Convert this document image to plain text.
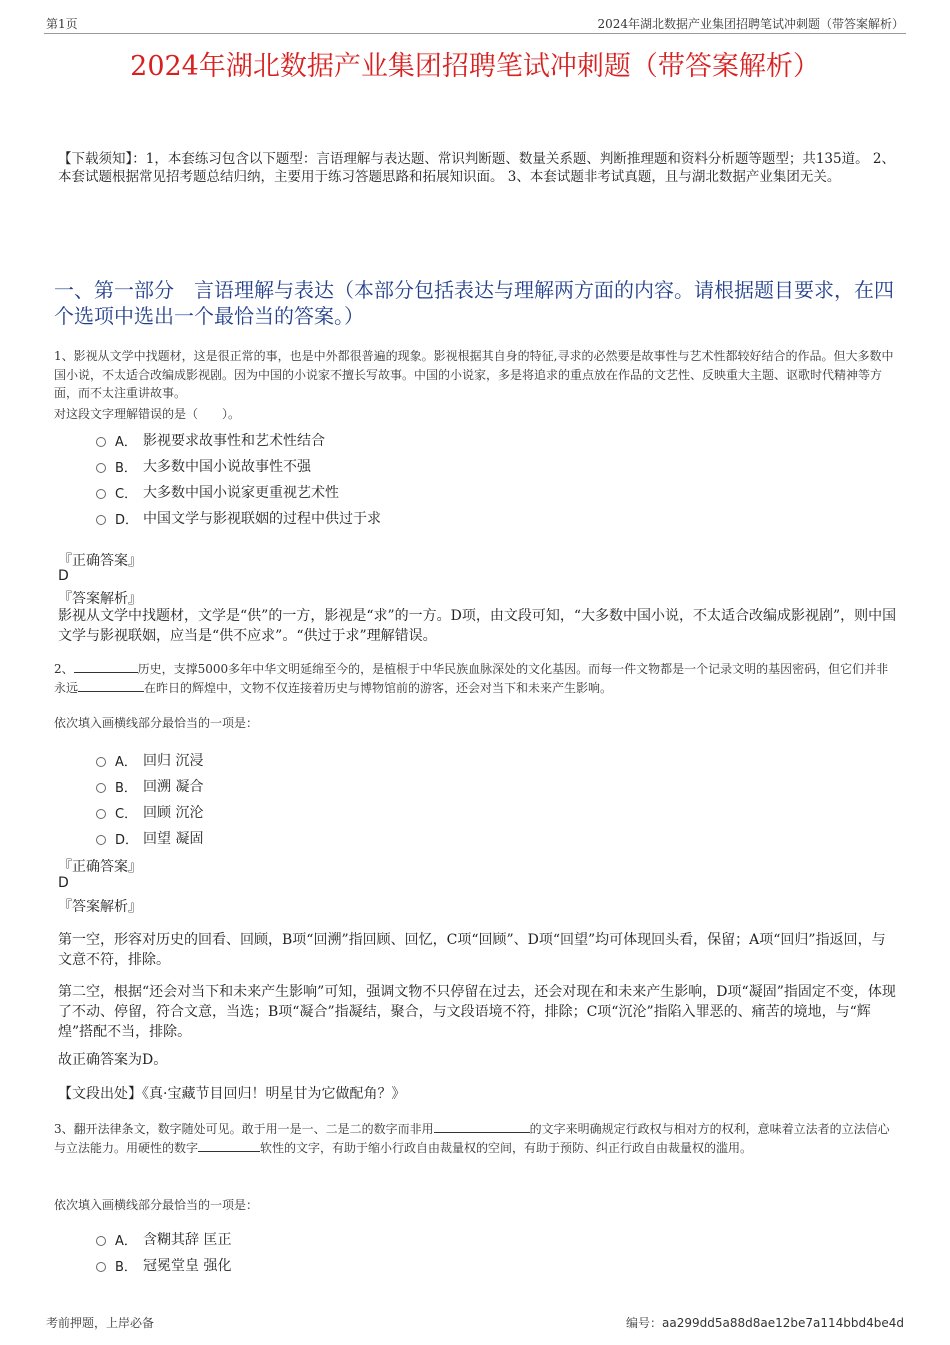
第1页	2024年湖北数据产业集团招聘笔试冲刺题（带答案解析）
2024年湖北数据产业集团招聘笔试冲刺题（带答案解析）
【下载须知】：1，本套练习包含以下题型：言语理解与表达题、常识判断题、数量关系题、判断推理题和资料分析题等题型；共135道。 2、本套试题根据常见招考题总结归纳，主要用于练习答题思路和拓展知识面。 3、本套试题非考试真题，且与湖北数据产业集团无关。
一、第一部分　言语理解与表达（本部分包括表达与理解两方面的内容。请根据题目要求，在四个选项中选出一个最恰当的答案。）
1、影视从文学中找题材，这是很正常的事，也是中外都很普遍的现象。影视根据其自身的特征,寻求的必然要是故事性与艺术性都较好结合的作品。但大多数中国小说，不太适合改编成影视剧。因为中国的小说家不擅长写故事。中国的小说家，多是将追求的重点放在作品的文艺性、反映重大主题、讴歌时代精神等方面，而不太注重讲故事。
对这段文字理解错误的是（　　）。
A． 影视要求故事性和艺术性结合
B． 大多数中国小说故事性不强
C． 大多数中国小说家更重视艺术性
D． 中国文学与影视联姻的过程中供过于求
『正确答案』
D
『答案解析』
影视从文学中找题材，文学是“供”的一方，影视是“求”的一方。D项，由文段可知，“大多数中国小说，不太适合改编成影视剧”，则中国文学与影视联姻，应当是“供不应求”。“供过于求”理解错误。
2、	历史，支撑5000多年中华文明延绵至今的，是植根于中华民族血脉深处的文化基因。而每一件文物都是一个记录文明的基因密码，但它们并非永远	在昨日的辉煌中，文物不仅连接着历史与博物馆前的游客，还会对当下和未来产生影响。
依次填入画横线部分最恰当的一项是：
A． 回归 沉浸
B． 回溯 凝合
C． 回顾 沉沦
D． 回望 凝固
『正确答案』
D
『答案解析』
第一空，形容对历史的回看、回顾，B项“回溯”指回顾、回忆，C项“回顾”、D项“回望”均可体现回头看，保留；A项“回归”指返回，与文意不符，排除。
第二空，根据“还会对当下和未来产生影响”可知，强调文物不只停留在过去，还会对现在和未来产生影响，D项“凝固”指固定不变，体现了不动、停留，符合文意，当选；B项“凝合”指凝结，聚合，与文段语境不符，排除；C项“沉沦”指陷入罪恶的、痛苦的境地，与“辉煌”搭配不当，排除。
故正确答案为D。
【文段出处】《真·宝藏节目回归！明星甘为它做配角？》
3、翻开法律条文，数字随处可见。敢于用一是一、二是二的数字而非用	的文字来明确规定行政权与相对方的权利，意味着立法者的立法信心与立法能力。用硬性的数字	软性的文字，有助于缩小行政自由裁量权的空间，有助于预防、纠正行政自由裁量权的滥用。
依次填入画横线部分最恰当的一项是：
A． 含糊其辞 匡正
B． 冠冕堂皇 强化
考前押题，上岸必备	编号：aa299dd5a88d8ae12be7a114bbd4be4d
